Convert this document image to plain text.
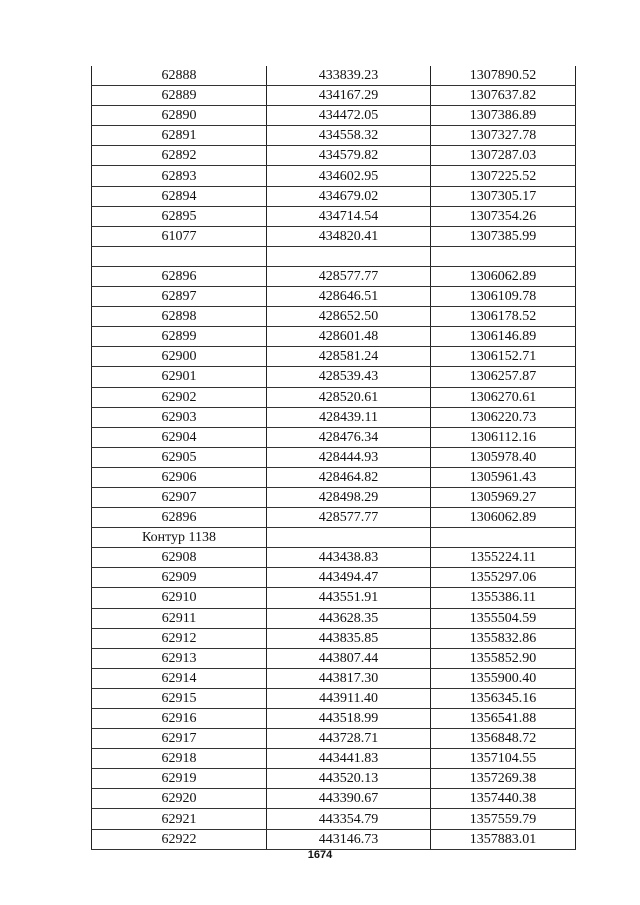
62888	433839.23	1307890.52
62889	434167.29	1307637.82
62890	434472.05	1307386.89
62891	434558.32	1307327.78
62892	434579.82	1307287.03
62893	434602.95	1307225.52
62894	434679.02	1307305.17
62895	434714.54	1307354.26
61077	434820.41	1307385.99

62896	428577.77	1306062.89
62897	428646.51	1306109.78
62898	428652.50	1306178.52
62899	428601.48	1306146.89
62900	428581.24	1306152.71
62901	428539.43	1306257.87
62902	428520.61	1306270.61
62903	428439.11	1306220.73
62904	428476.34	1306112.16
62905	428444.93	1305978.40
62906	428464.82	1305961.43
62907	428498.29	1305969.27
62896	428577.77	1306062.89
Контур 1138		
62908	443438.83	1355224.11
62909	443494.47	1355297.06
62910	443551.91	1355386.11
62911	443628.35	1355504.59
62912	443835.85	1355832.86
62913	443807.44	1355852.90
62914	443817.30	1355900.40
62915	443911.40	1356345.16
62916	443518.99	1356541.88
62917	443728.71	1356848.72
62918	443441.83	1357104.55
62919	443520.13	1357269.38
62920	443390.67	1357440.38
62921	443354.79	1357559.79
62922	443146.73	1357883.01
1674
